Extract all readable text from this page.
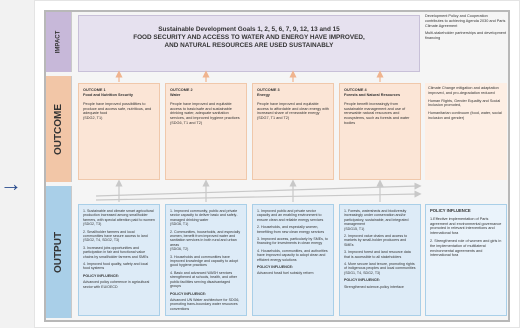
IMPACT
OUTCOME
OUTPUT
Sustainable Development Goals 1, 2, 5, 6, 7, 9, 12, 13 and 15
FOOD SECURITY AND ACCESS TO WATER AND ENERGY HAVE IMPROVED,
AND NATURAL RESOURCES ARE USED SUSTAINABLY

Development Policy and Cooperation contributes to achieving Agenda 2030 and Paris Climate Agreement

Multi-stakeholder partnerships and development financing

OUTCOME 1
Food and Nutrition Security
People have improved possibilities to produce and access safe, nutritious, and adequate food
(SDG2, T1)
OUTCOME 2
Water
People have improved and equitable access to basic/safe and sustainable drinking water, adequate sanitation services, and improved hygiene practices
(SDG6, T1 and T2)
OUTCOME 3
Energy
People have improved and equitable access to affordable and clean energy with increased share of renewable energy
(SDG7, T1 and T2)
OUTCOME 4
Forests and Natural Resources
People benefit increasingly from sustainable management and use of renewable natural resources and ecosystems, such as forests and water bodies

Climate Change mitigation and adaptation improved, and pro-degradation reduced

Human Rights, Gender Equality and Social Inclusion promoted,

Humanitarian continuum (food, water, social inclusion and gender)

1. Sustainable and climate smart agricultural production increased among smallholder farmers, with special attention paid to women
(SDG2, T3)

2. Smallholder farmers and local communities have secure access to land
(SDG2, T4, SDG2, T3)

3. Increased jobs opportunities and participation in fair and functional value chains by smallholder farmers and SMEs

4. Improved food quality, safety and local food systems

POLICY INFLUENCE:

Advanced policy coherence in agricultural sector with EU/OECD

1. Improved community, public and private sector capacity to deliver basic and safely-managed drinking water
(SDG6, T1)

2. Communities, households, and especially women, benefit from improved water and sanitation services in both rural and urban areas
(SDG6, T2)

3. Households and communities have improved knowledge and capacity to adopt good hygiene practices

4. Basic and advanced WASH services strengthened at schools, health, and other public facilities serving disadvantaged groups

POLICY INFLUENCE:

Advanced UN Water architecture for SDG6, promoting trans-boundary water resources conventions

1. Improved public and private sector capacity and an enabling environment to ensure clean and reliable energy services

2. Households, and especially women, benefiting from new clean energy services

3. Improved access, particularly by SMEs, to financing for investments in clean energy

4. Households, communities, and authorities have improved capacity to adopt clean and efficient energy solutions

POLICY INFLUENCE:

Advanced fossil fuel subsidy reform

1. Forests, watersheds and biodiversity increasingly under conservation and/or participatory, sustainable, and integrated management
(SDG15, T1)

2. Improved value chains and access to markets by small-holder producers and SMEs

3. Improved forest and land resource data that is accessible to all stakeholders

4. More secure land tenure, promoting rights of indigenous peoples and local communities
(SDG1, T4, SDG2, T3)

POLICY INFLUENCE:

Strengthened science-policy interface

POLICY INFLUENCE

1.Effective implementation of Paris agreement and environmental governance promoted in relevant interventions and international fora

2. Strengthened role of women and girls in the implementation of multilateral environmental agreements and international fora

→
